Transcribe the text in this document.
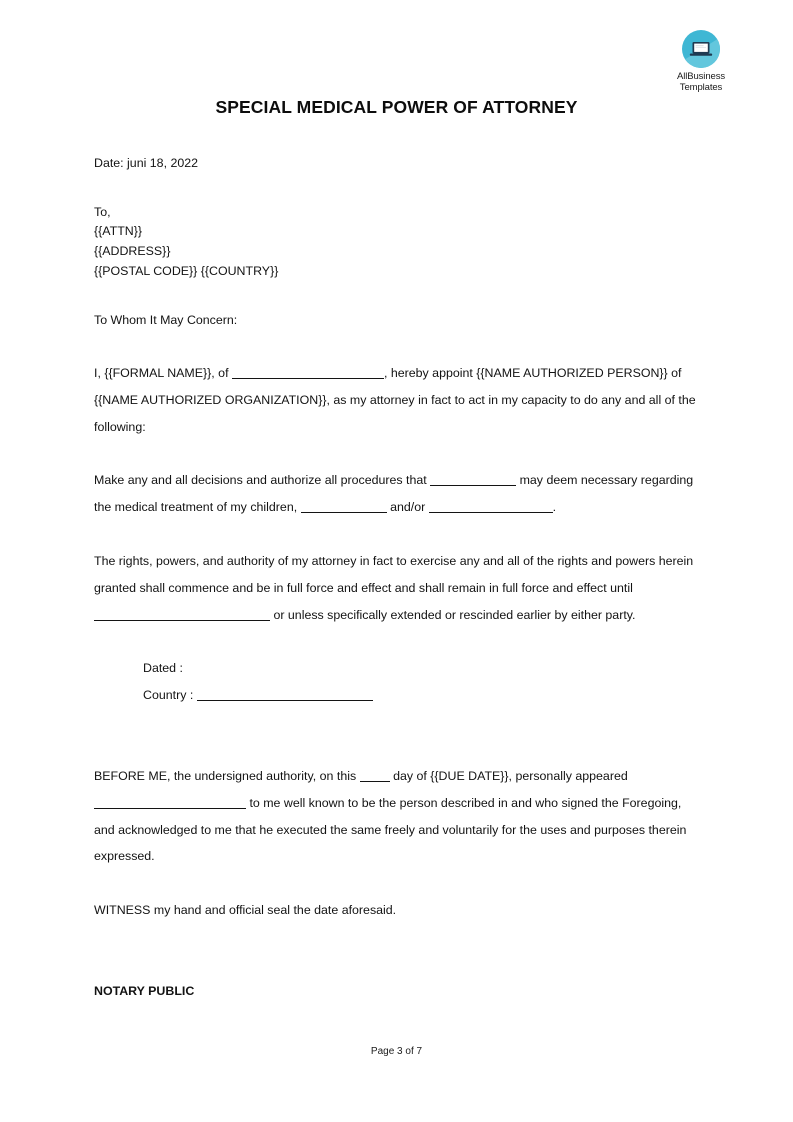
AllBusiness
Templates
SPECIAL MEDICAL POWER OF ATTORNEY

Date: juni 18, 2022

To,
{{ATTN}}
{{ADDRESS}}
{{POSTAL CODE}} {{COUNTRY}}

To Whom It May Concern:

I, {{FORMAL NAME}}, of	, hereby appoint {{NAME AUTHORIZED PERSON}} of {{NAME AUTHORIZED ORGANIZATION}}, as my attorney in fact to act in my capacity to do any and all of the following:

Make any and all decisions and authorize all procedures that	may deem necessary regarding the medical treatment of my children,	and/or	.

The rights, powers, and authority of my attorney in fact to exercise any and all of the rights and powers herein granted shall commence and be in full force and effect and shall remain in full force and effect until  or unless specifically extended or rescinded earlier by either party.

Dated :

Country :

BEFORE ME, the undersigned authority, on this	day of {{DUE DATE}}, personally appeared  to me well known to be the person described in and who signed the Foregoing, and acknowledged to me that he executed the same freely and voluntarily for the uses and purposes therein expressed.

WITNESS my hand and official seal the date aforesaid.

NOTARY PUBLIC

Page 3 of 7
